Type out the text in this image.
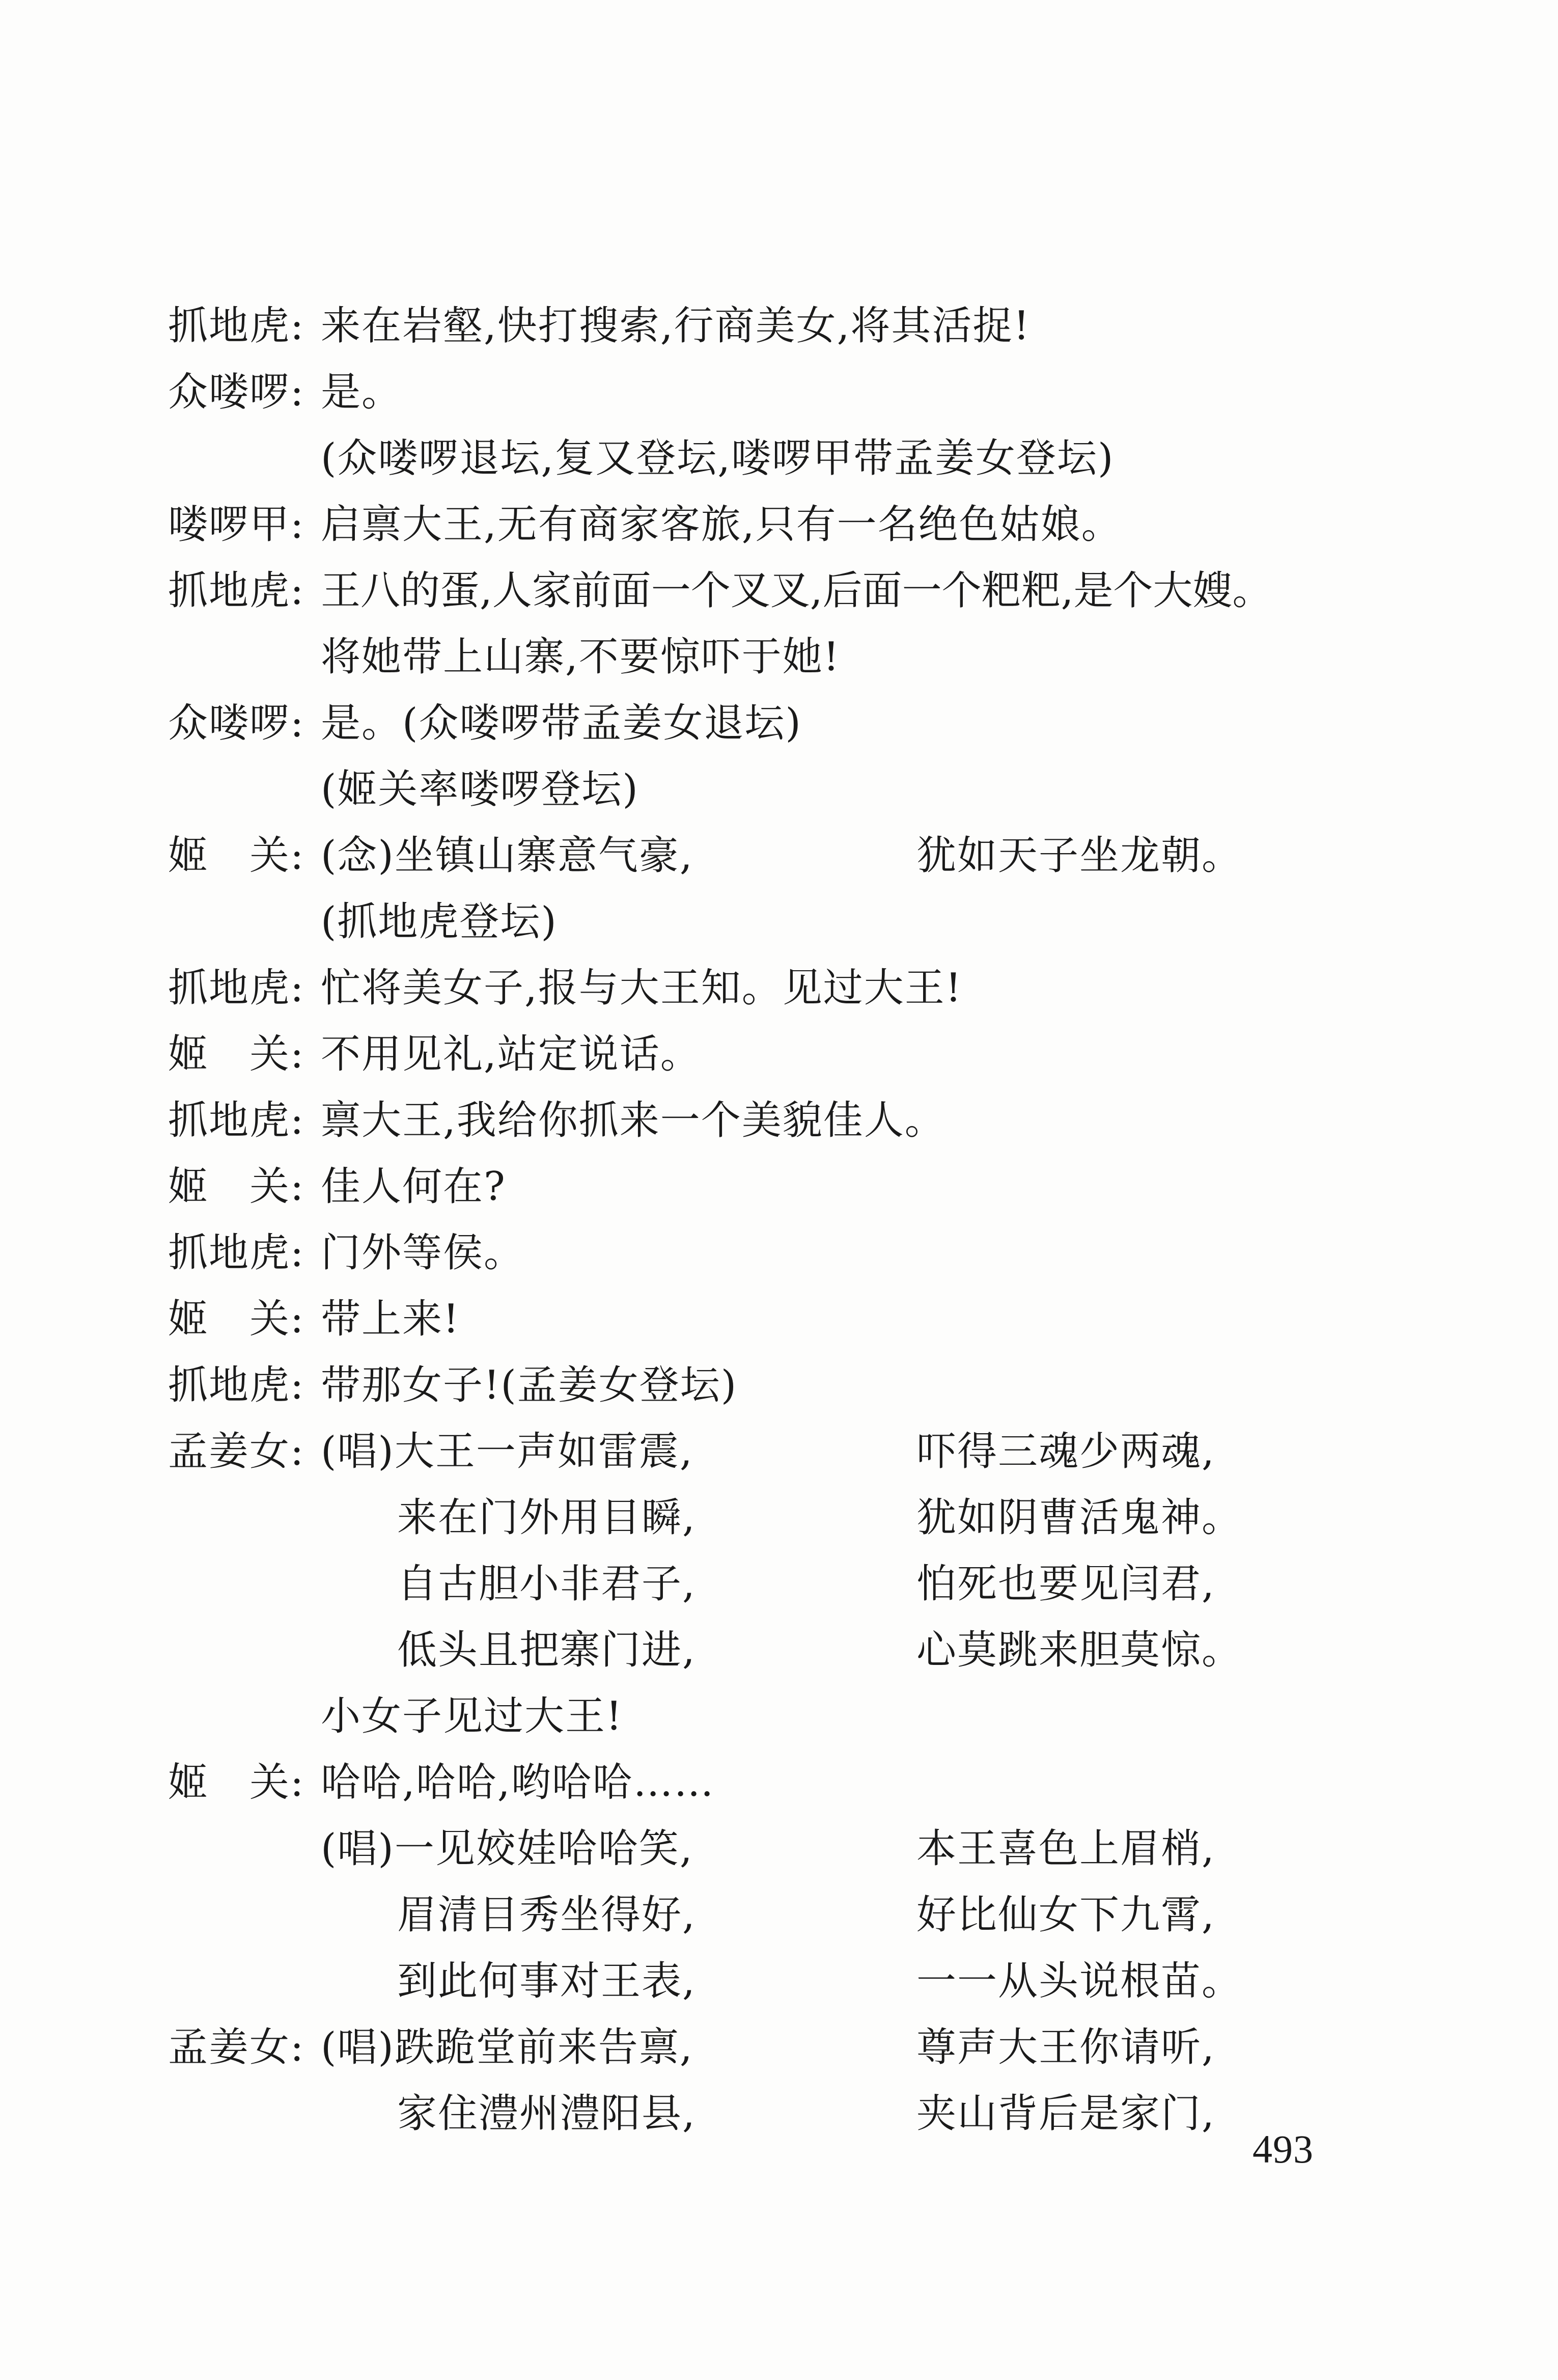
抓地虎: 来在岩壑,快打搜索,行商美女,将其活捉!
众喽啰: 是。
(众喽啰退坛,复又登坛,喽啰甲带孟姜女登坛)
喽啰甲: 启禀大王,无有商家客旅,只有一名绝色姑娘。
抓地虎: 王八的蛋,人家前面一个叉叉,后面一个粑粑,是个大嫂。
将她带上山寨,不要惊吓于她!
众喽啰: 是。(众喽啰带孟姜女退坛)
(姬关率喽啰登坛)
姬　关: (念)坐镇山寨意气豪,	犹如天子坐龙朝。
(抓地虎登坛)
抓地虎: 忙将美女子,报与大王知。见过大王!
姬　关: 不用见礼,站定说话。
抓地虎: 禀大王,我给你抓来一个美貌佳人。
姬　关: 佳人何在?
抓地虎: 门外等侯。
姬　关: 带上来!
抓地虎: 带那女子!(孟姜女登坛)
孟姜女: (唱)大王一声如雷震,	吓得三魂少两魂,
来在门外用目瞬,	犹如阴曹活鬼神。
自古胆小非君子,	怕死也要见闫君,
低头且把寨门进,	心莫跳来胆莫惊。
小女子见过大王!
姬　关: 哈哈,哈哈,哟哈哈……
(唱)一见姣娃哈哈笑,	本王喜色上眉梢,
眉清目秀坐得好,	好比仙女下九霄,
到此何事对王表,	一一从头说根苗。
孟姜女: (唱)跌跪堂前来告禀,	尊声大王你请听,
家住澧州澧阳县,	夹山背后是家门,
493
